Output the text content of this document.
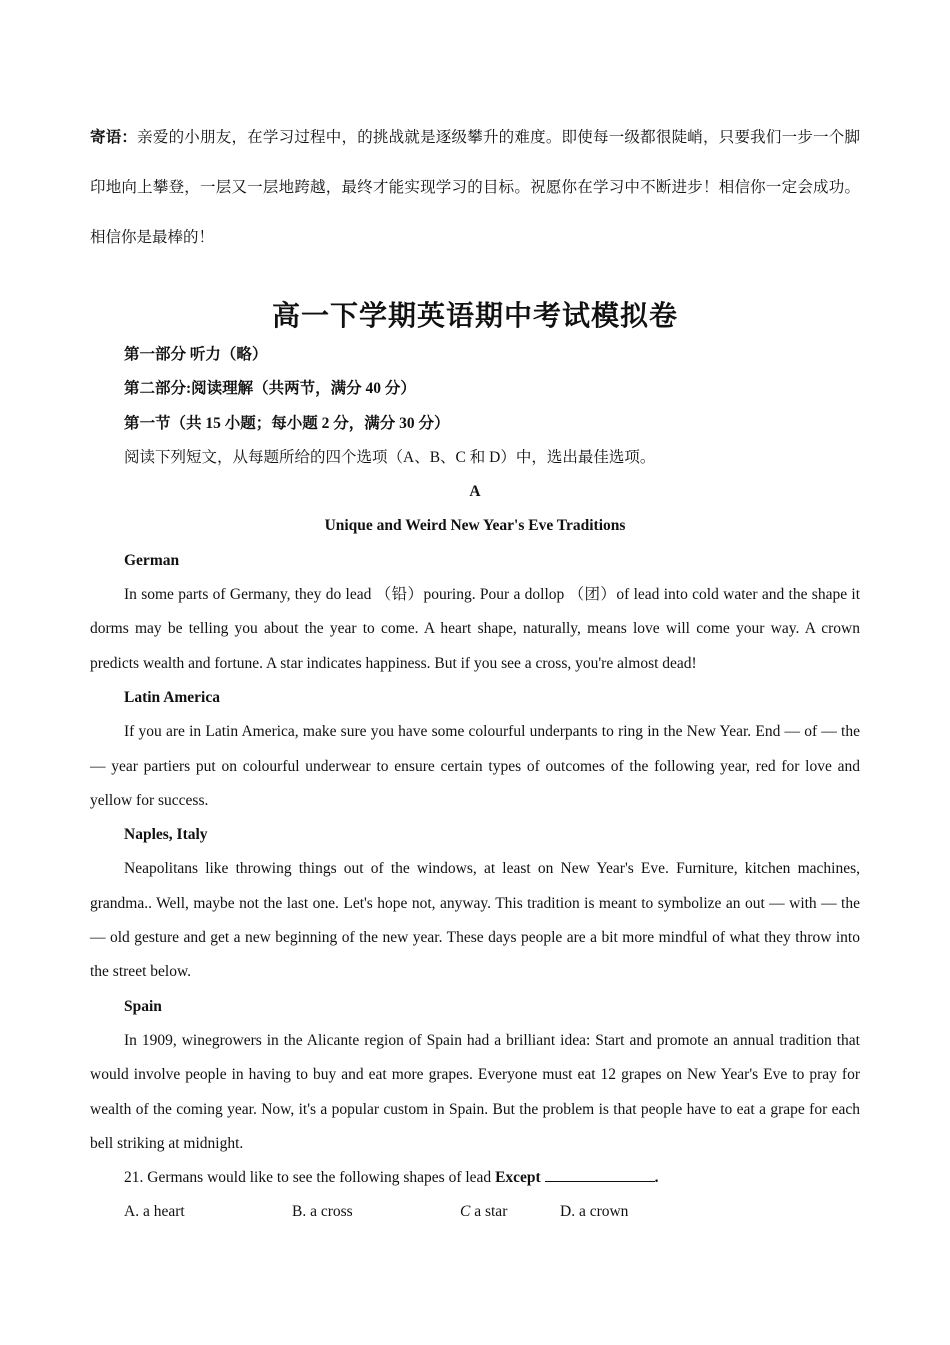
寄语：亲爱的小朋友，在学习过程中，的挑战就是逐级攀升的难度。即使每一级都很陡峭，只要我们一步一个脚印地向上攀登，一层又一层地跨越，最终才能实现学习的目标。祝愿你在学习中不断进步！相信你一定会成功。相信你是最棒的！

高一下学期英语期中考试模拟卷

第一部分 听力（略）

第二部分:阅读理解（共两节，满分 40 分）

第一节（共 15 小题；每小题 2 分，满分 30 分）

阅读下列短文，从每题所给的四个选项（A、B、C 和 D）中，选出最佳选项。

A

Unique and Weird New Year's Eve Traditions

German

In some parts of Germany, they do lead （铅）pouring. Pour a dollop （团）of lead into cold water and the shape it dorms may be telling you about the year to come. A heart shape, naturally, means love will come your way. A crown predicts wealth and fortune. A star indicates happiness. But if you see a cross, you're almost dead!

Latin America

If you are in Latin America, make sure you have some colourful underpants to ring in the New Year. End — of — the — year partiers put on colourful underwear to ensure certain types of outcomes of the following year, red for love and yellow for success.

Naples, Italy

Neapolitans like throwing things out of the windows, at least on New Year's Eve. Furniture, kitchen machines, grandma.. Well, maybe not the last one. Let's hope not, anyway. This tradition is meant to symbolize an out — with — the — old gesture and get a new beginning of the new year. These days people are a bit more mindful of what they throw into the street below.

Spain

In 1909, winegrowers in the Alicante region of Spain had a brilliant idea: Start and promote an annual tradition that would involve people in having to buy and eat more grapes. Everyone must eat 12 grapes on New Year's Eve to pray for wealth of the coming year. Now, it's a popular custom in Spain. But the problem is that people have to eat a grape for each bell striking at midnight.

21. Germans would like to see the following shapes of lead Except	.

A. a heart	B. a cross	C a star	D. a crown
